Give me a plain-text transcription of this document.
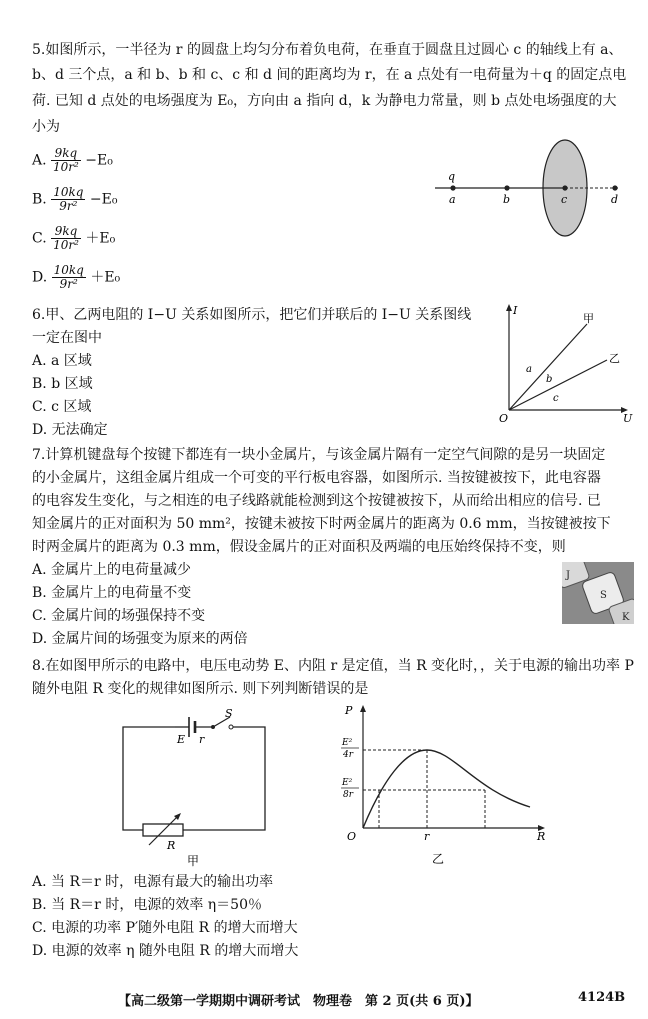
5.如图所示，一半径为 r 的圆盘上均匀分布着负电荷，在垂直于圆盘且过圆心 c 的轴线上有 a、
b、d 三个点，a 和 b、b 和 c、c 和 d 间的距离均为 r，在 a 点处有一电荷量为＋q 的固定点电
荷. 已知 d 点处的电场强度为 E₀，方向由 a 指向 d，k 为静电力常量，则 b 点处电场强度的大
小为
A. $\frac{9kq}{\text{10r²}} -E_0$
B. $\frac{10kq}{\text{9r²}} -E_0$
C. $\frac{9kq}{\text{10r²}} +E_0$
D. $\frac{10kq}{\text{9r²}} +E_0$
q
a	b	c	d
6.甲、乙两电阻的 I−U 关系如图所示，把它们并联后的 I−U 关系图线
一定在图中
A. a 区域
B. b 区域
C. c 区域
D. 无法确定
I
U
O
甲
乙
a
b
c
7.计算机键盘每个按键下都连有一块小金属片，与该金属片隔有一定空气间隙的是另一块固定
的小金属片，这组金属片组成一个可变的平行板电容器，如图所示. 当按键被按下，此电容器
的电容发生变化，与之相连的电子线路就能检测到这个按键被按下，从而给出相应的信号. 已
知金属片的正对面积为 50 mm²，按键未被按下时两金属片的距离为 0.6 mm，当按键被按下
时两金属片的距离为 0.3 mm，假设金属片的正对面积及两端的电压始终保持不变，则
A. 金属片上的电荷量减少
B. 金属片上的电荷量不变
C. 金属片间的场强保持不变
D. 金属片间的场强变为原来的两倍
J
S
K
8.在如图甲所示的电路中，电压电动势 E、内阻 r 是定值，当 R 变化时，，关于电源的输出功率 P
随外电阻 R 变化的规律如图所示. 则下列判断错误的是
S
E r
R
甲
P
O	r	R
E²
4r
E²
8r
乙
A. 当 R＝r 时，电源有最大的输出功率
B. 当 R＝r 时，电源的效率 η＝50％
C. 电源的功率 P′随外电阻 R 的增大而增大
D. 电源的效率 η 随外电阻 R 的增大而增大
【高二级第一学期期中调研考试　物理卷　第 2 页(共 6 页)】	4124B
